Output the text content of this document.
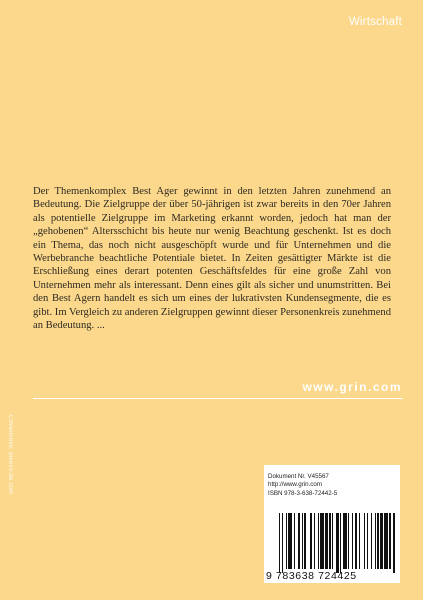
Wirtschaft
Der Themenkomplex Best Ager gewinnt in den letzten Jahren zunehmend an Bedeutung. Die Zielgruppe der über 50-jährigen ist zwar bereits in den 70er Jahren als potentielle Zielgruppe im Marketing erkannt worden, jedoch hat man der „gehobenen“ Altersschicht bis heute nur wenig Beachtung geschenkt. Ist es doch ein Thema, das noch nicht ausgeschöpft wurde und für Unternehmen und die Werbebranche beachtliche Potentiale bietet. In Zeiten gesättigter Märkte ist die Erschließung eines derart potenten Geschäftsfeldes für eine große Zahl von Unternehmen mehr als interessant. Denn eines gilt als sicher und unumstritten. Bei den Best Agern handelt es sich um eines der lukrativsten Kundensegmente, die es gibt. Im Vergleich zu anderen Zielgruppen gewinnt dieser Personenkreis zunehmend an Bedeutung. ...
www.grin.com
Covermotiv: pixelio.de.com	Dokument Nr. V45567
http://www.grin.com
ISBN 978-3-638-72442-5
9 783638 724425
